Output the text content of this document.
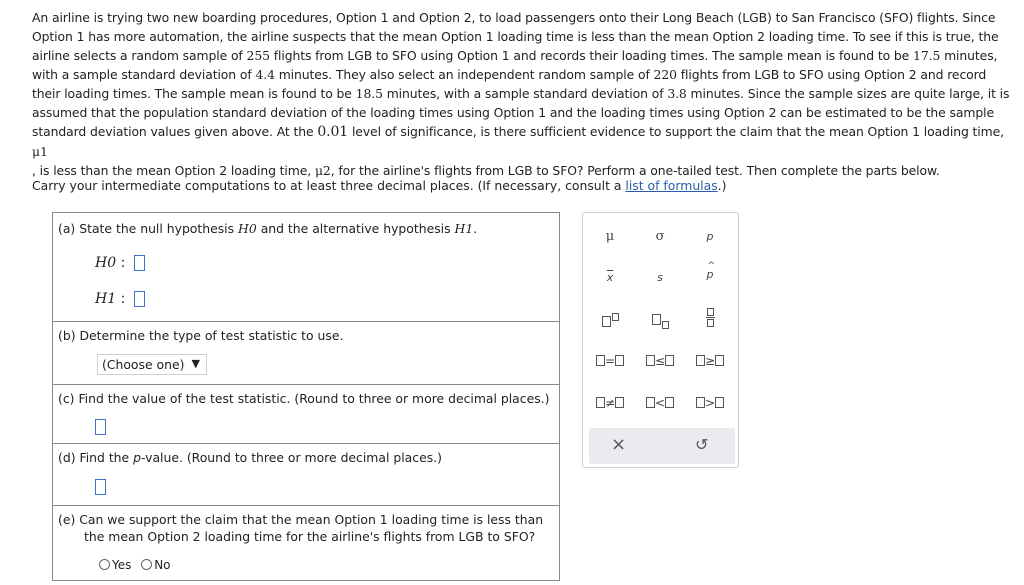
An airline is trying two new boarding procedures, Option 1 and Option 2, to load passengers onto their Long Beach (LGB) to San Francisco (SFO) flights. Since Option 1 has more automation, the airline suspects that the mean Option 1 loading time is less than the mean Option 2 loading time. To see if this is true, the airline selects a random sample of 255 flights from LGB to SFO using Option 1 and records their loading times. The sample mean is found to be 17.5 minutes, with a sample standard deviation of 4.4 minutes. They also select an independent random sample of 220 flights from LGB to SFO using Option 2 and record their loading times. The sample mean is found to be 18.5 minutes, with a sample standard deviation of 3.8 minutes. Since the sample sizes are quite large, it is assumed that the population standard deviation of the loading times using Option 1 and the loading times using Option 2 can be estimated to be the sample standard deviation values given above. At the 0.01 level of significance, is there sufficient evidence to support the claim that the mean Option 1 loading time, μ1
, is less than the mean Option 2 loading time, μ2, for the airline's flights from LGB to SFO? Perform a one-tailed test. Then complete the parts below.

Carry your intermediate computations to at least three decimal places. (If necessary, consult a list of formulas.)
(a) State the null hypothesis H0 and the alternative hypothesis H1.
H0 :
H1 :
(b) Determine the type of test statistic to use.
(Choose one) ▼
(c) Find the value of the test statistic. (Round to three or more decimal places.)
(d) Find the p-value. (Round to three or more decimal places.)
(e) Can we support the claim that the mean Option 1 loading time is less than
the mean Option 2 loading time for the airline's flights from LGB to SFO?
Yes No
μ	σ	p
$\overline{x}$	s
^
p
=	≤	≥
≠	<	>
×	↺
